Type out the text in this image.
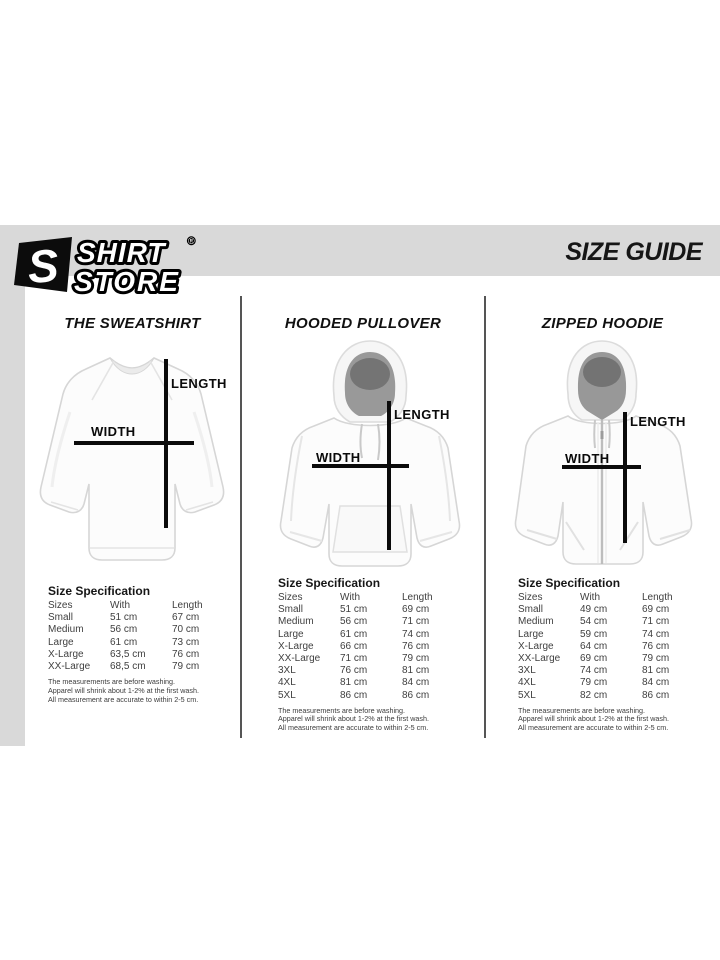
S SHIRT
STORE
®	SIZE GUIDE
THE SWEATSHIRT	HOODED PULLOVER	ZIPPED HOODIE
LENGTH
WIDTH
LENGTH
WIDTH
LENGTH
WIDTH
Size Specification
Sizes	With	Length
Small	51 cm	67 cm
Medium	56 cm	70 cm
Large	61 cm	73 cm
X-Large	63,5 cm	76 cm
XX-Large	68,5 cm	79 cm
The measurements are before washing.
Apparel will shrink about 1-2% at the first wash.
All measurement are accurate to within 2-5 cm.
Size Specification
Sizes	With	Length
Small	51 cm	69 cm
Medium	56 cm	71 cm
Large	61 cm	74 cm
X-Large	66 cm	76 cm
XX-Large	71 cm	79 cm
3XL	76 cm	81 cm
4XL	81 cm	84 cm
5XL	86 cm	86 cm
The measurements are before washing.
Apparel will shrink about 1-2% at the first wash.
All measurement are accurate to within 2-5 cm.
Size Specification
Sizes	With	Length
Small	49 cm	69 cm
Medium	54 cm	71 cm
Large	59 cm	74 cm
X-Large	64 cm	76 cm
XX-Large	69 cm	79 cm
3XL	74 cm	81 cm
4XL	79 cm	84 cm
5XL	82 cm	86 cm
The measurements are before washing.
Apparel will shrink about 1-2% at the first wash.
All measurement are accurate to within 2-5 cm.
